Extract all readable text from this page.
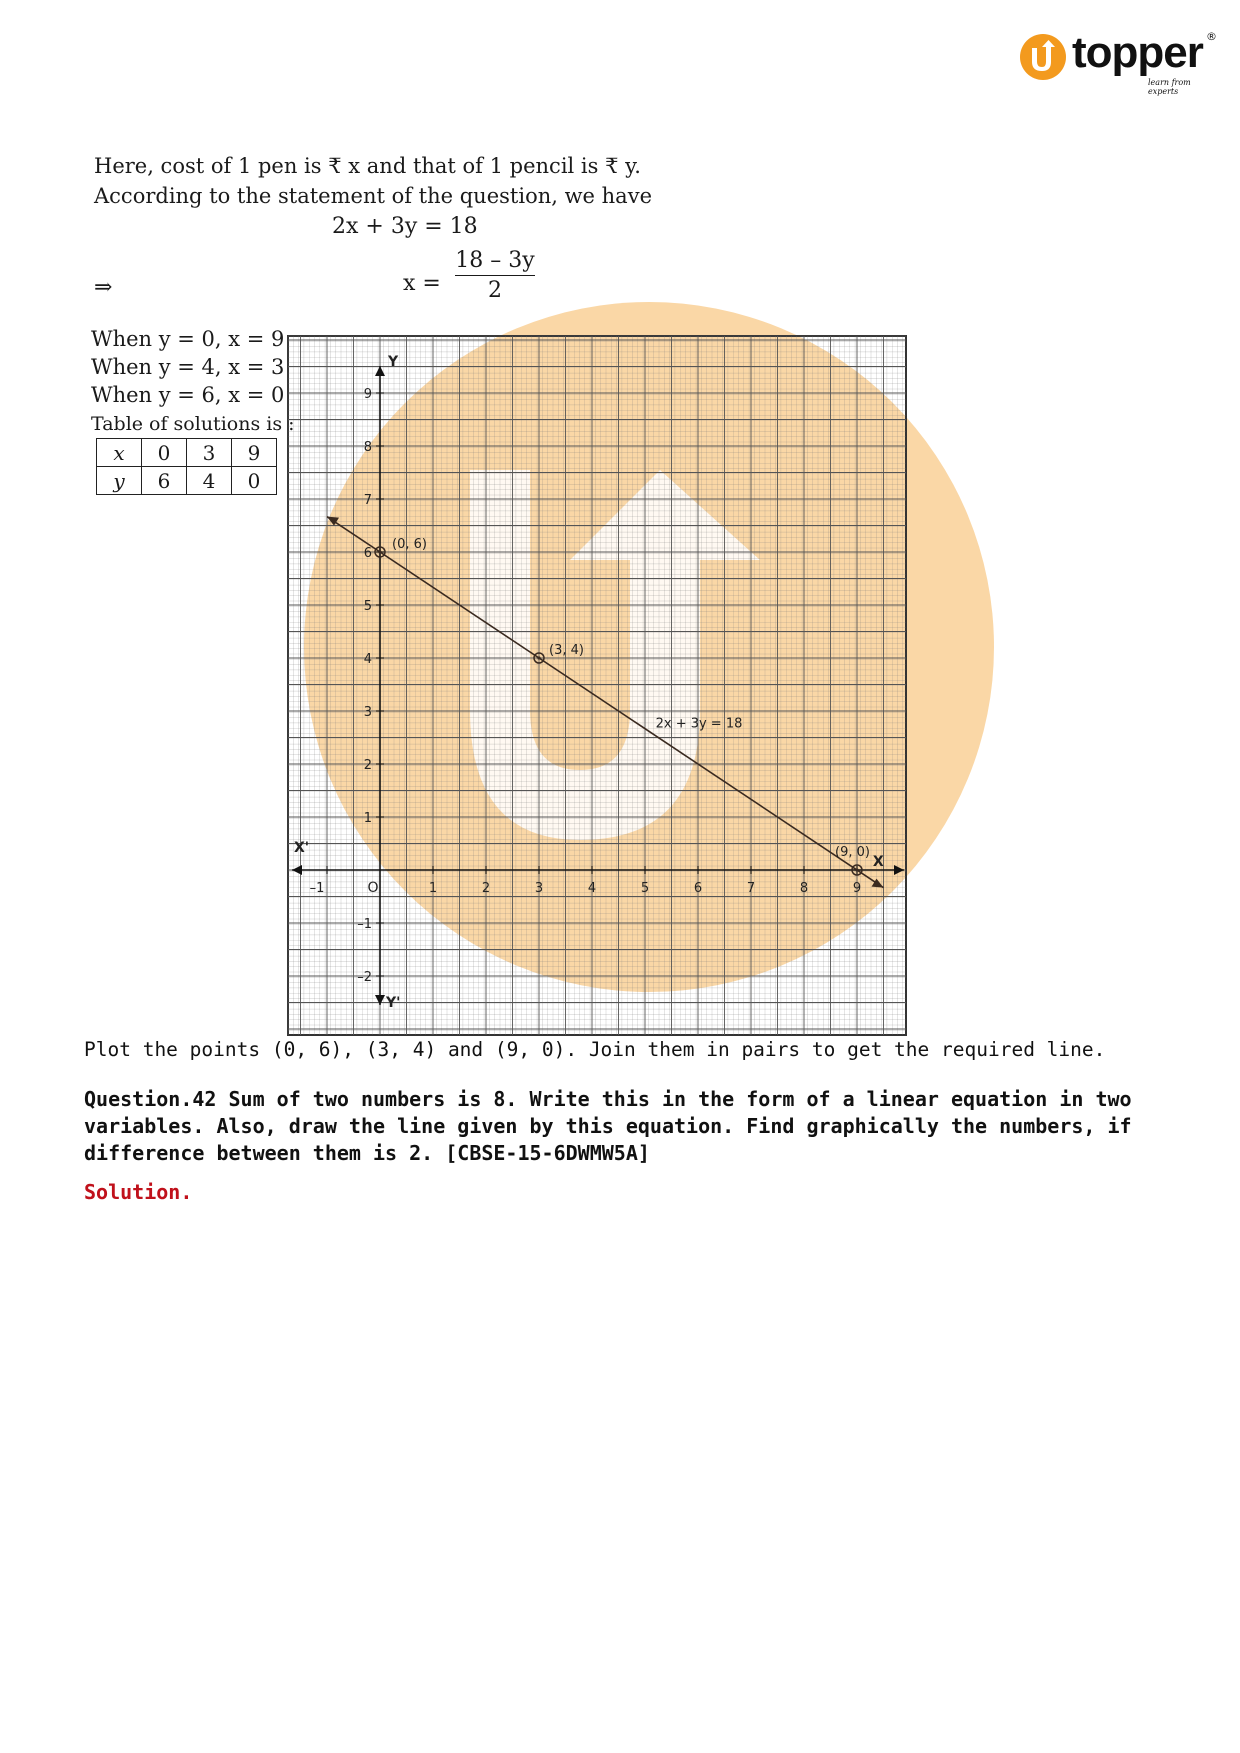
topper ®
learn from experts
Here, cost of 1 pen is ₹ x and that of 1 pencil is ₹ y.
According to the statement of the question, we have
2x + 3y = 18
⇒	$x = \frac{18 - 3y}{2}$
When y = 0, x = 9
When y = 4, x = 3
When y = 6, x = 0
Table of solutions is :
x	0	3	9
y	6	4	0
X
X'
Y
Y'
O
–1	1	2	3	4	5	6	7	8	9
9
8
7
6
5
4
3
2
1
–1
–2
(0, 6)
(3, 4)
(9, 0)
2x + 3y = 18
Plot the points (0, 6), (3, 4) and (9, 0). Join them in pairs to get the required line.
Question.42 Sum of two numbers is 8. Write this in the form of a linear equation in two variables. Also, draw the line given by this equation. Find graphically the numbers, if difference between them is 2. [CBSE-15-6DWMW5A]
Solution.
